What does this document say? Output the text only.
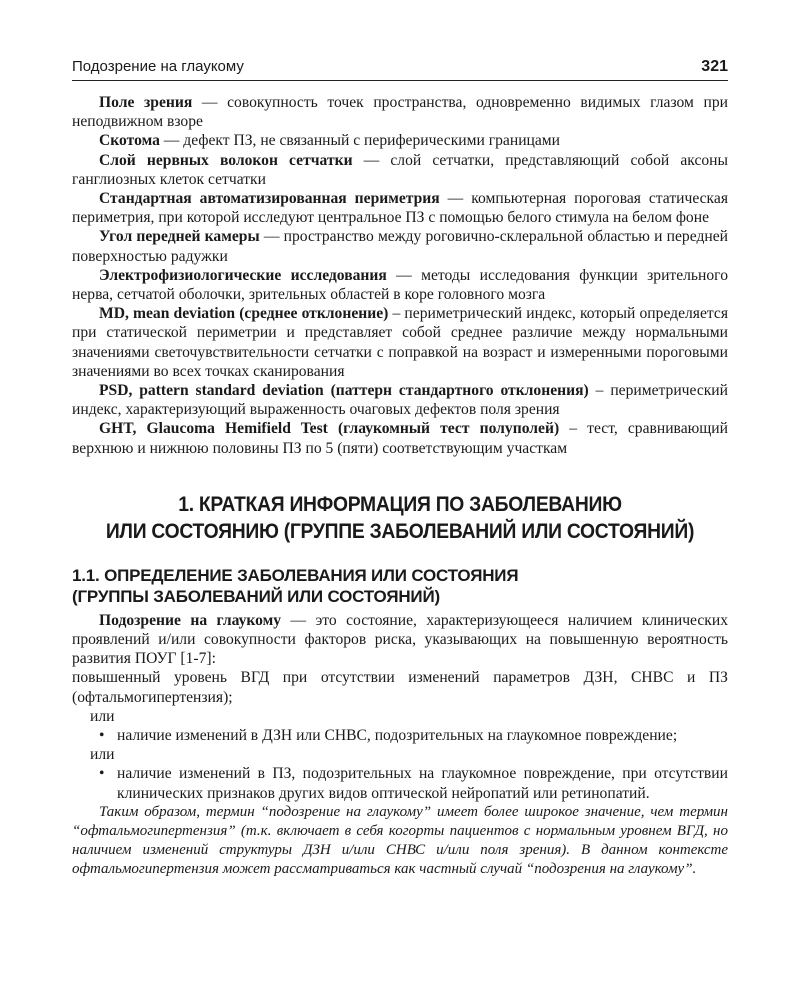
Подозрение на глаукому	321

Поле зрения — совокупность точек пространства, одновременно видимых глазом при неподвижном взоре

Скотома — дефект ПЗ, не связанный с периферическими границами

Слой нервных волокон сетчатки — слой сетчатки, представляющий собой аксоны ганглиозных клеток сетчатки

Стандартная автоматизированная периметрия — компьютерная пороговая статическая периметрия, при которой исследуют центральное ПЗ с помощью белого стимула на белом фоне

Угол передней камеры — пространство между роговично-склеральной областью и передней поверхностью радужки

Электрофизиологические исследования — методы исследования функции зрительного нерва, сетчатой оболочки, зрительных областей в коре головного мозга

MD, mean deviation (среднее отклонение) – периметрический индекс, который определяется при статической периметрии и представляет собой среднее различие между нормальными значениями светочувствительности сетчатки с поправкой на возраст и измеренными пороговыми значениями во всех точках сканирования

PSD, pattern standard deviation (паттерн стандартного отклонения) – периметрический индекс, характеризующий выраженность очаговых дефектов поля зрения

GHT, Glaucoma Hemifield Test (глаукомный тест полуполей) – тест, сравнивающий верхнюю и нижнюю половины ПЗ по 5 (пяти) соответствующим участкам

1. КРАТКАЯ ИНФОРМАЦИЯ ПО ЗАБОЛЕВАНИЮ
ИЛИ СОСТОЯНИЮ (ГРУППЕ ЗАБОЛЕВАНИЙ ИЛИ СОСТОЯНИЙ)
1.1. ОПРЕДЕЛЕНИЕ ЗАБОЛЕВАНИЯ ИЛИ СОСТОЯНИЯ
(ГРУППЫ ЗАБОЛЕВАНИЙ ИЛИ СОСТОЯНИЙ)

Подозрение на глаукому — это состояние, характеризующееся наличием клинических проявлений и/или совокупности факторов риска, указывающих на повышенную вероятность развития ПОУГ [1-7]:

повышенный уровень ВГД при отсутствии изменений параметров ДЗН, СНВС и ПЗ (офтальмогипертензия);

или
• наличие изменений в ДЗН или СНВС, подозрительных на глаукомное повреждение;
или
• наличие изменений в ПЗ, подозрительных на глаукомное повреждение, при отсутствии клинических признаков других видов оптической нейропатий или ретинопатий.

Таким образом, термин “подозрение на глаукому” имеет более широкое значение, чем термин “офтальмогипертензия” (т.к. включает в себя когорты пациентов с нормальным уровнем ВГД, но наличием изменений структуры ДЗН и/или СНВС и/или поля зрения). В данном контексте офтальмогипертензия может рассматриваться как частный случай “подозрения на глаукому”.
